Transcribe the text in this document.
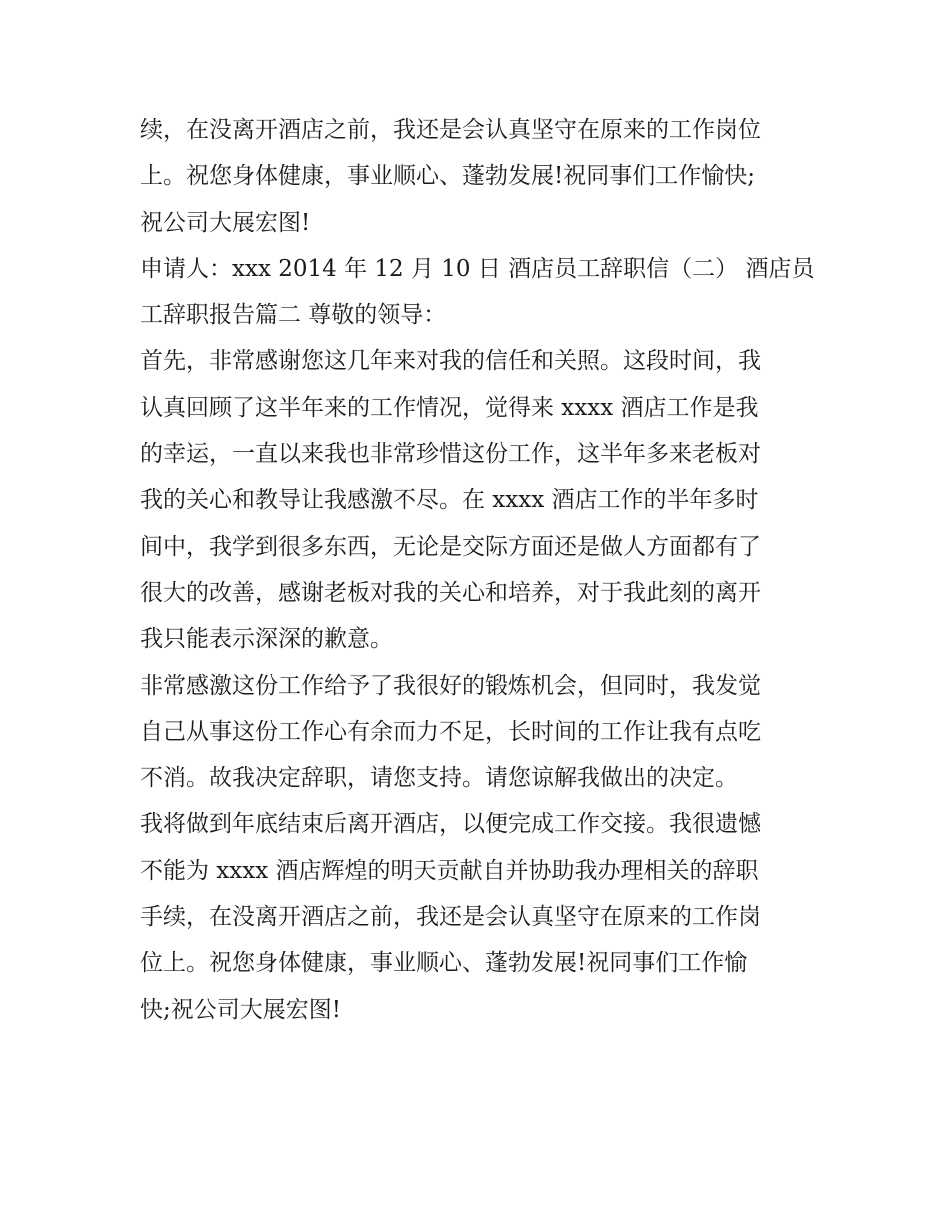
续，在没离开酒店之前，我还是会认真坚守在原来的工作岗位
上。祝您身体健康，事业顺心、蓬勃发展!祝同事们工作愉快;
祝公司大展宏图!
申请人：xxx 2014 年 12 月 10 日 酒店员工辞职信（二） 酒店员
工辞职报告篇二 尊敬的领导：
首先，非常感谢您这几年来对我的信任和关照。这段时间，我
认真回顾了这半年来的工作情况，觉得来 xxxx 酒店工作是我
的幸运，一直以来我也非常珍惜这份工作，这半年多来老板对
我的关心和教导让我感激不尽。在 xxxx 酒店工作的半年多时
间中，我学到很多东西，无论是交际方面还是做人方面都有了
很大的改善，感谢老板对我的关心和培养，对于我此刻的离开
我只能表示深深的歉意。
非常感激这份工作给予了我很好的锻炼机会，但同时，我发觉
自己从事这份工作心有余而力不足，长时间的工作让我有点吃
不消。故我决定辞职，请您支持。请您谅解我做出的决定。
我将做到年底结束后离开酒店，以便完成工作交接。我很遗憾
不能为 xxxx 酒店辉煌的明天贡献自并协助我办理相关的辞职
手续，在没离开酒店之前，我还是会认真坚守在原来的工作岗
位上。祝您身体健康，事业顺心、蓬勃发展!祝同事们工作愉
快;祝公司大展宏图!
